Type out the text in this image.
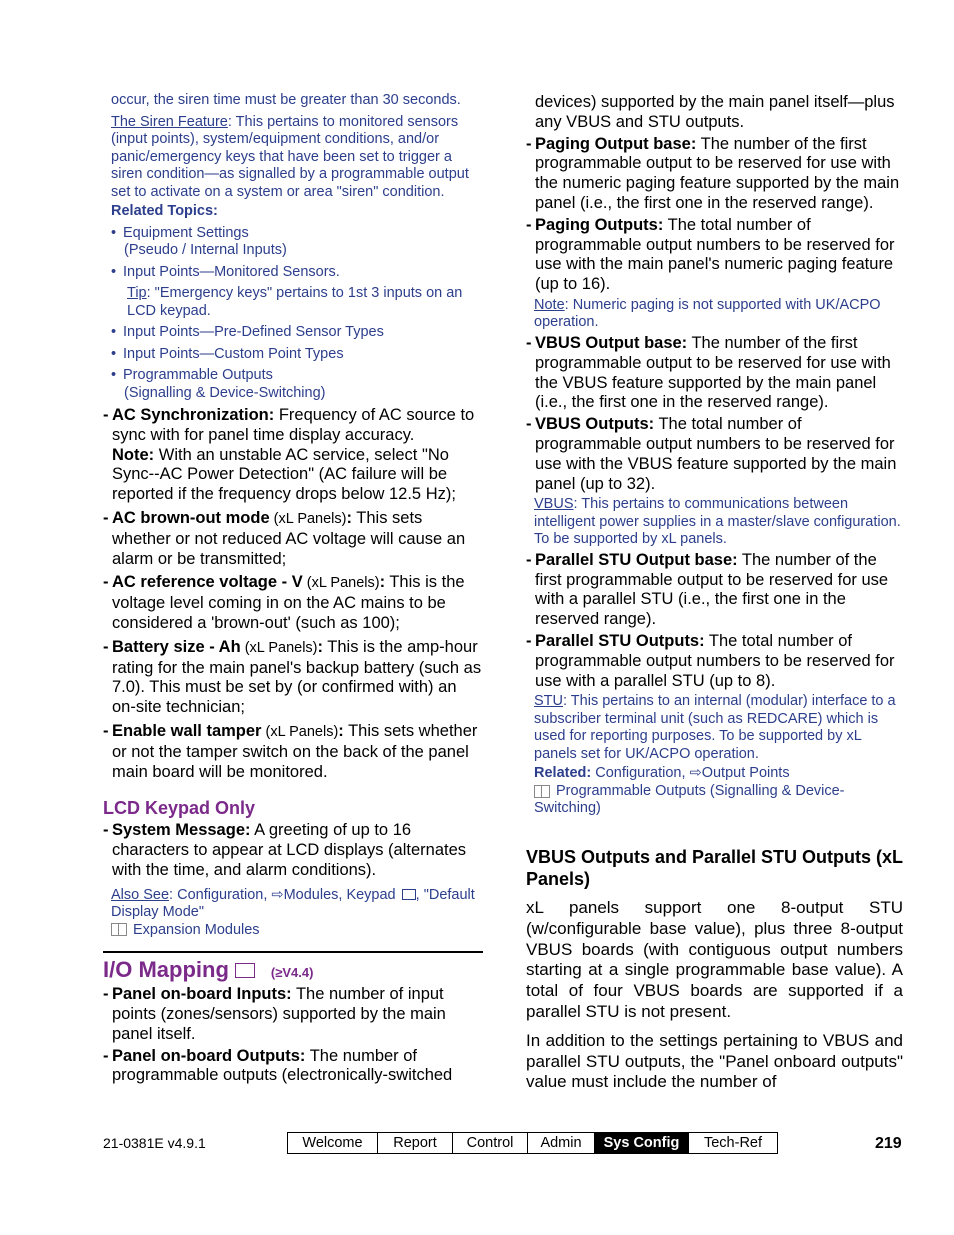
occur, the siren time must be greater than 30 seconds.

The Siren Feature: This pertains to monitored sensors (input points), system/equipment conditions, and/or panic/emergency keys that have been set to trigger a siren condition—as signalled by a programmable output set to activate on a system or area "siren" condition.

Related Topics:

• Equipment Settings
(Pseudo / Internal Inputs)
• Input Points—Monitored Sensors.

Tip: "Emergency keys" pertains to 1st 3 inputs on an LCD keypad.

• Input Points—Pre-Defined Sensor Types
• Input Points—Custom Point Types
• Programmable Outputs
(Signalling & Device-Switching)
- AC Synchronization: Frequency of AC source to sync with for panel time display accuracy.
Note: With an unstable AC service, select "No Sync--AC Power Detection" (AC failure will be reported if the frequency drops below 12.5 Hz);
- AC brown-out mode (xL Panels): This sets whether or not reduced AC voltage will cause an alarm or be transmitted;
- AC reference voltage - V (xL Panels): This is the voltage level coming in on the AC mains to be considered a 'brown-out' (such as 100);
- Battery size - Ah (xL Panels): This is the amp-hour rating for the main panel's backup battery (such as 7.0). This must be set by (or confirmed with) an on-site technician;
- Enable wall tamper (xL Panels): This sets whether or not the tamper switch on the back of the panel main board will be monitored.
LCD Keypad Only
- System Message: A greeting of up to 16 characters to appear at LCD displays (alternates with the time, and alarm conditions).

Also See: Configuration, ⇨Modules, Keypad , "Default Display Mode"

Expansion Modules

I/O Mapping	(≥V4.4)
- Panel on-board Inputs: The number of input points (zones/sensors) supported by the main panel itself.
- Panel on-board Outputs: The number of programmable outputs (electronically-switched
devices) supported by the main panel itself—plus any VBUS and STU outputs.
- Paging Output base: The number of the first programmable output to be reserved for use with the numeric paging feature supported by the main panel (i.e., the first one in the reserved range).
- Paging Outputs: The total number of programmable output numbers to be reserved for use with the main panel's numeric paging feature (up to 16).

Note: Numeric paging is not supported with UK/ACPO operation.

- VBUS Output base: The number of the first programmable output to be reserved for use with the VBUS feature supported by the main panel (i.e., the first one in the reserved range).
- VBUS Outputs: The total number of programmable output numbers to be reserved for use with the VBUS feature supported by the main panel (up to 32).

VBUS: This pertains to communications between intelligent power supplies in a master/slave configuration. To be supported by xL panels.

- Parallel STU Output base: The number of the first programmable output to be reserved for use with a parallel STU (i.e., the first one in the reserved range).
- Parallel STU Outputs: The total number of programmable output numbers to be reserved for use with a parallel STU (up to 8).

STU: This pertains to an internal (modular) interface to a subscriber terminal unit (such as REDCARE) which is used for reporting purposes. To be supported by xL panels set for UK/ACPO operation.

Related: Configuration, ⇨Output Points

Programmable Outputs (Signalling & Device-Switching)

VBUS Outputs and Parallel STU Outputs (xL Panels)

xL panels support one 8-output STU (w/configurable base value), plus three 8-output VBUS boards (with contiguous output numbers starting at a single programmable base value). A total of four VBUS boards are supported if a parallel STU is not present.

In addition to the settings pertaining to VBUS and parallel STU outputs, the "Panel onboard outputs" value must include the number of

21-0381E v4.9.1	Welcome	Report	Control	Admin	Sys Config	Tech-Ref	219
